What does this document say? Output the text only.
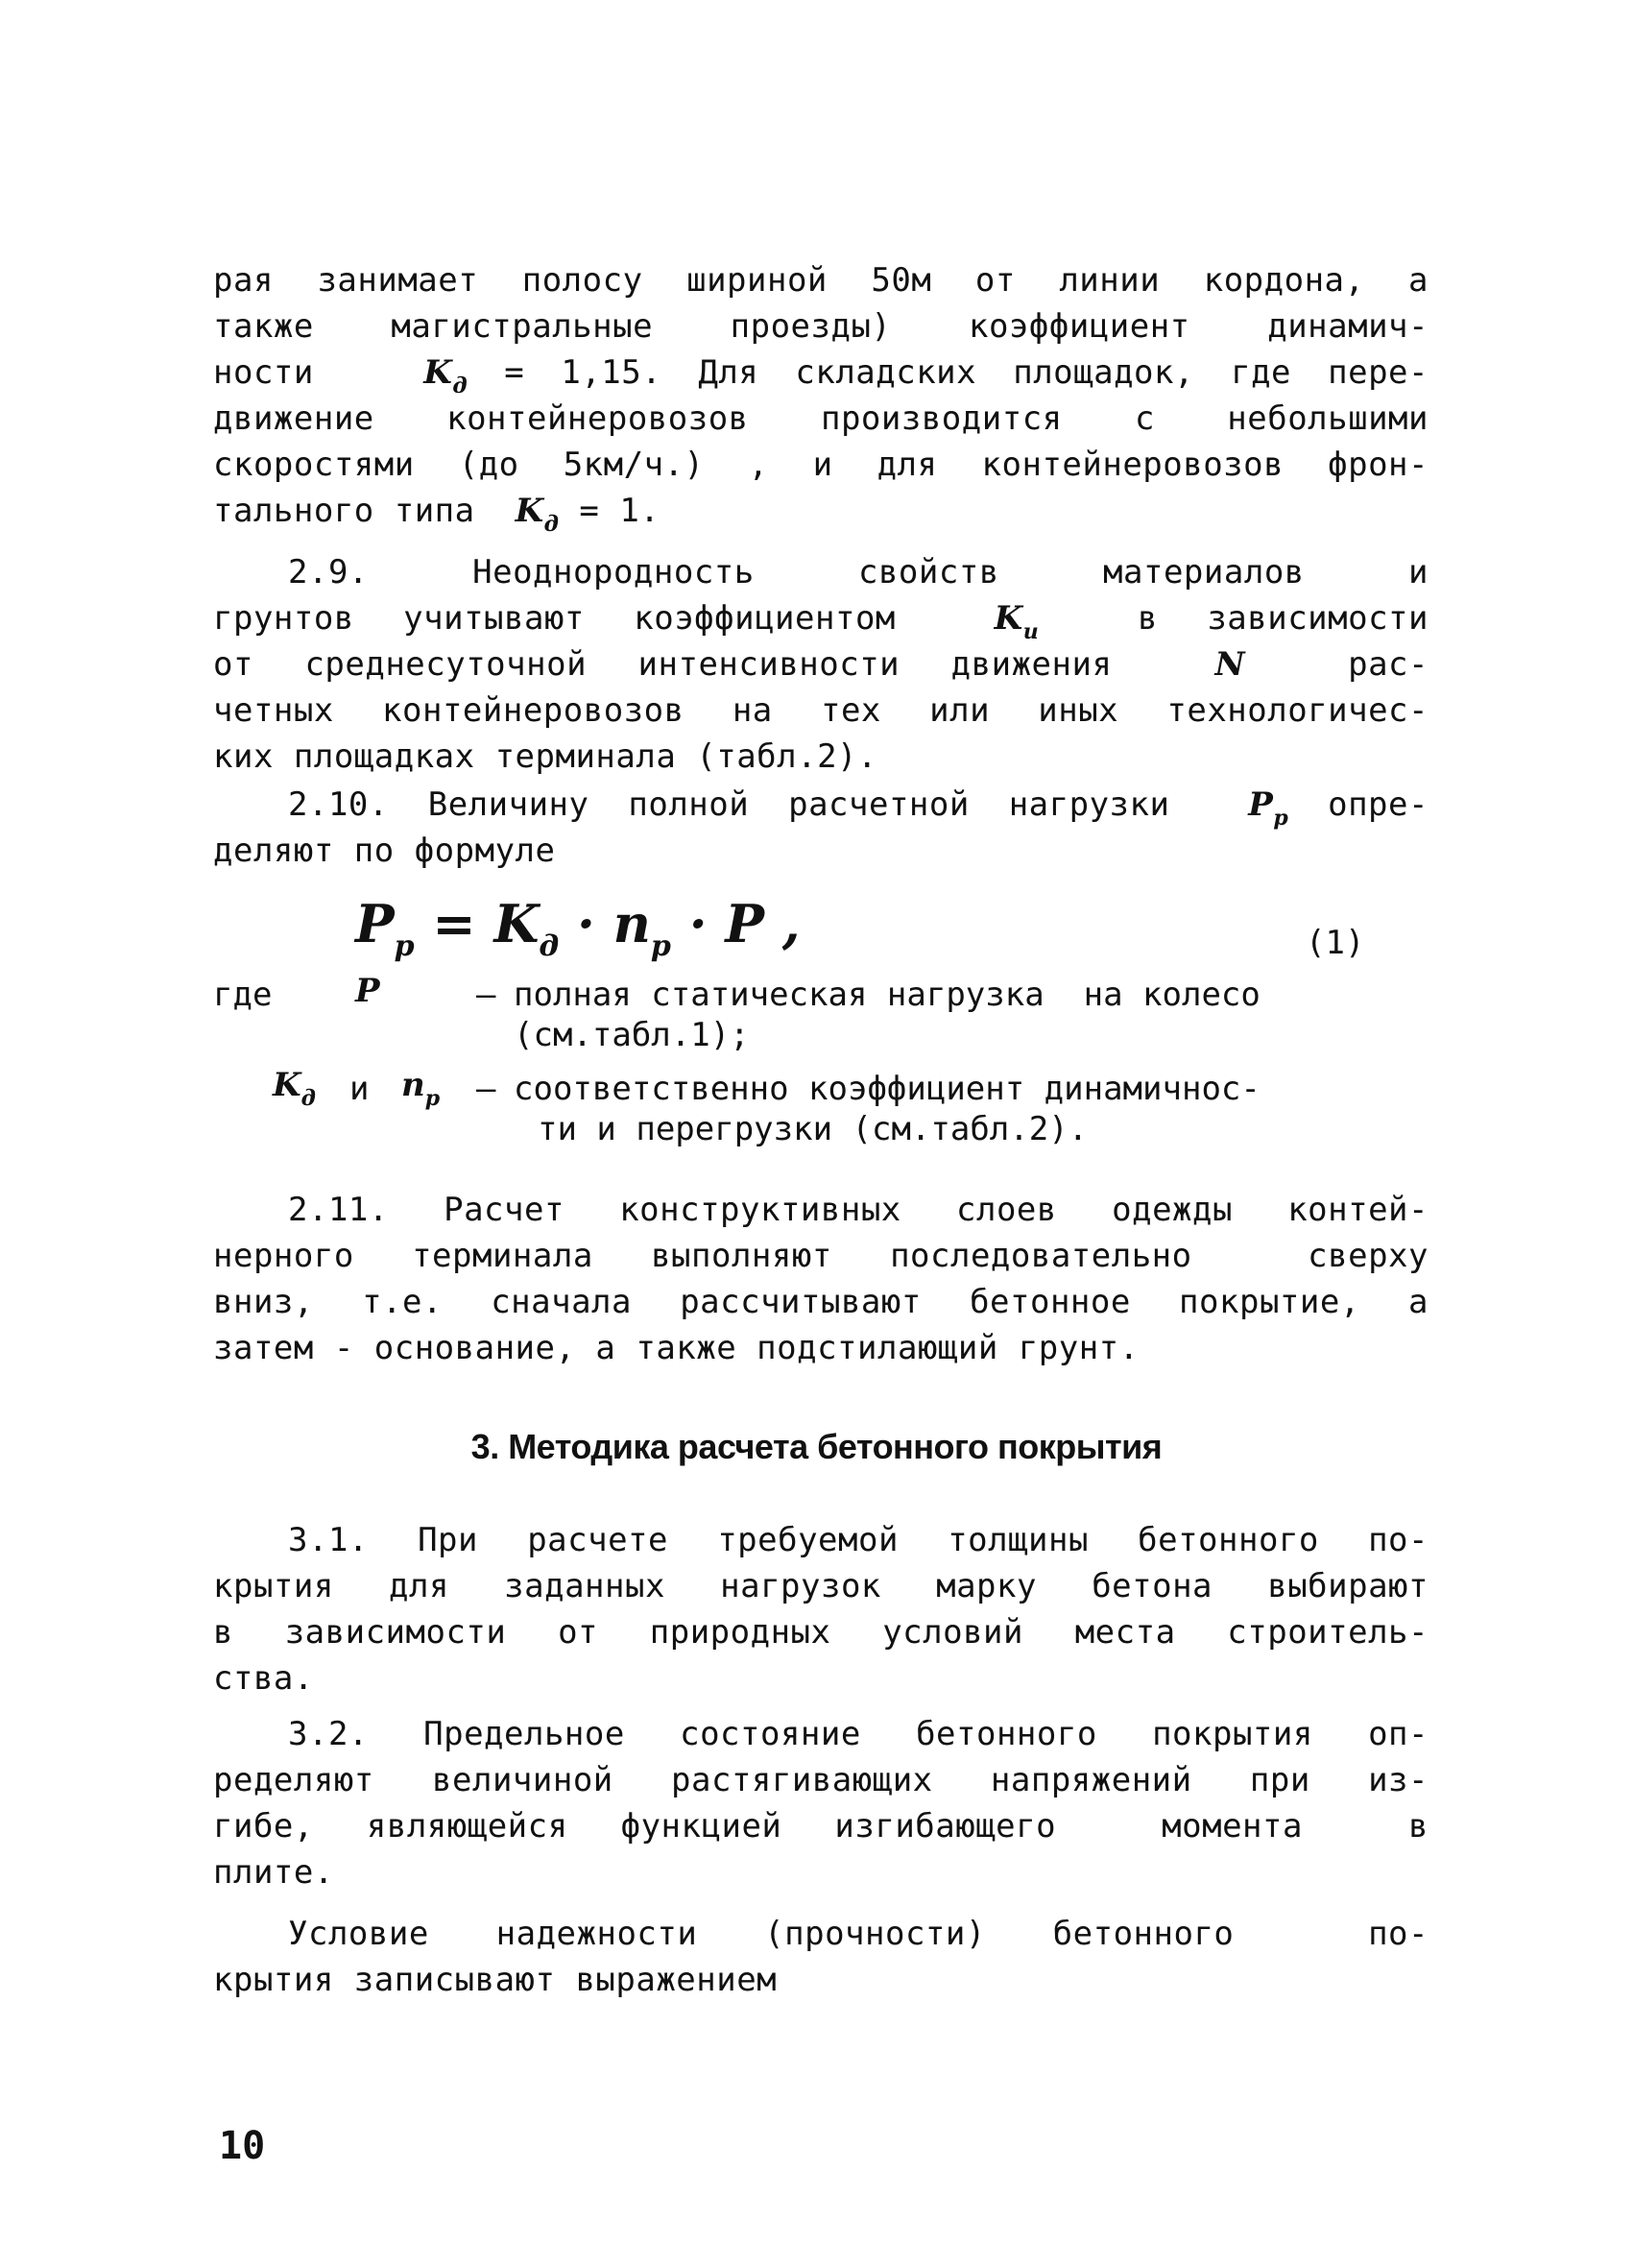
рая занимает полосу шириной 50м от линии кордона, а
также магистральные проезды) коэффициент динамич-
ности	$K_д = 1,15$. Для складских площадок, где пере-
движение контейнеровозов производится с небольшими
скоростями (до 5км/ч.) , и для контейнеровозов фрон-
тального типа $K_д = 1$.
2.9. Неоднородность свойств материалов и
грунтов учитывают коэффициентом	$K_и$	в зависимости
от среднесуточной интенсивности движения	N	рас-
четных контейнеровозов на тех или иных технологичес-
ких площадках терминала (табл.2).
2.10. Величину полной расчетной нагрузки $P_р$ опре-
деляют по формуле
$P_р = K_д \cdot n_р \cdot P$ ,	(1)
где	P	– полная статическая нагрузка  на колесо
(см.табл.1);
$K_д$ и $n_р$ – соответственно коэффициент динамичнос-
ти и перегрузки (см.табл.2).
2.11. Расчет конструктивных слоев одежды контей-
нерного терминала выполняют последовательно  сверху
вниз, т.е. сначала рассчитывают бетонное покрытие, а
затем - основание, а также подстилающий грунт.
3. Методика расчета бетонного покрытия
3.1. При расчете требуемой толщины бетонного по-
крытия для заданных нагрузок марку бетона выбирают
в зависимости от природных условий места строитель-
ства.
3.2. Предельное состояние бетонного покрытия оп-
ределяют величиной растягивающих напряжений при из-
гибе, являющейся функцией изгибающего  момента  в
плите.
Условие надежности (прочности) бетонного  по-
крытия записывают выражением
10
